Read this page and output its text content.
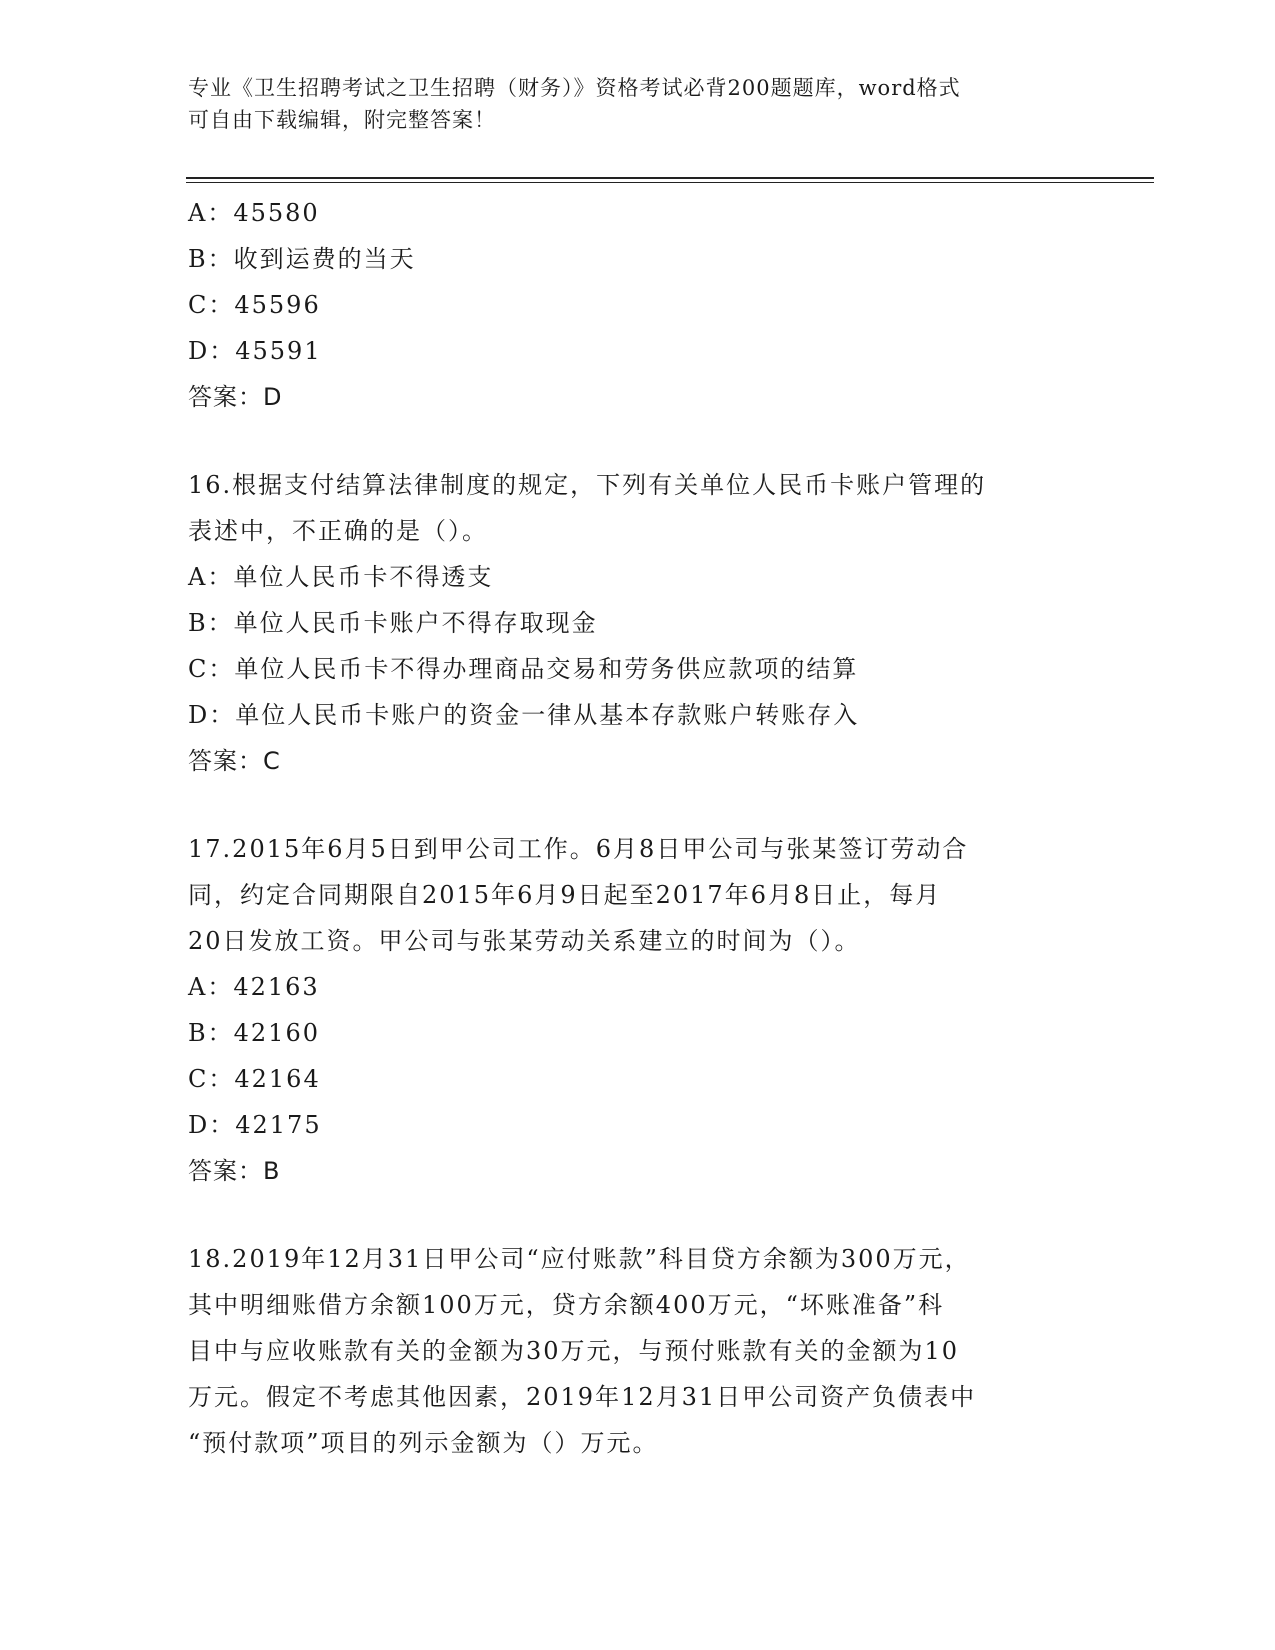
专业《卫生招聘考试之卫生招聘（财务）》资格考试必背200题题库，word格式
可自由下载编辑，附完整答案！
A：45580
B：收到运费的当天
C：45596
D：45591
答案：D
16.根据支付结算法律制度的规定，下列有关单位人民币卡账户管理的
表述中，不正确的是（）。
A：单位人民币卡不得透支
B：单位人民币卡账户不得存取现金
C：单位人民币卡不得办理商品交易和劳务供应款项的结算
D：单位人民币卡账户的资金一律从基本存款账户转账存入
答案：C
17.2015年6月5日到甲公司工作。6月8日甲公司与张某签订劳动合
同，约定合同期限自2015年6月9日起至2017年6月8日止，每月
20日发放工资。甲公司与张某劳动关系建立的时间为（）。
A：42163
B：42160
C：42164
D：42175
答案：B
18.2019年12月31日甲公司“应付账款”科目贷方余额为300万元，
其中明细账借方余额100万元，贷方余额400万元，“坏账准备”科
目中与应收账款有关的金额为30万元，与预付账款有关的金额为10
万元。假定不考虑其他因素，2019年12月31日甲公司资产负债表中
“预付款项”项目的列示金额为（）万元。
